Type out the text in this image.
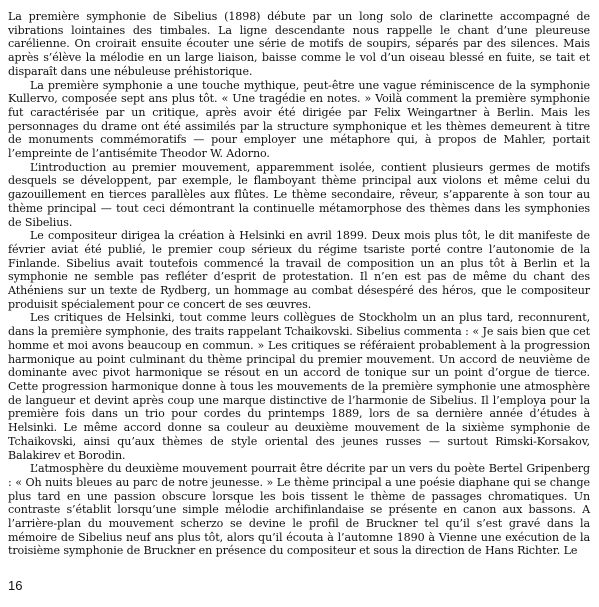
La première symphonie de Sibelius (1898) débute par un long solo de clarinette accompagné de vibrations lointaines des timbales. La ligne descendante nous rappelle le chant d’une pleureuse carélienne. On croirait ensuite écouter une série de motifs de soupirs, séparés par des silences. Mais après s’élève la mélodie en un large liaison, baisse comme le vol d’un oiseau blessé en fuite, se tait et disparaît dans une nébuleuse préhistorique.

La première symphonie a une touche mythique, peut-être une vague réminiscence de la symphonie Kullervo, composée sept ans plus tôt. « Une tragédie en notes. » Voilà comment la première symphonie fut caractérisée par un critique, après avoir été dirigée par Felix Weingartner à Berlin. Mais les personnages du drame ont été assimilés par la structure symphonique et les thèmes demeurent à titre de monuments commémoratifs — pour employer une métaphore qui, à propos de Mahler, portait l’empreinte de l’antisémite Theodor W. Adorno.

L’introduction au premier mouvement, apparemment isolée, contient plusieurs germes de motifs desquels se développent, par exemple, le flamboyant thème principal aux violons et même celui du gazouillement en tierces parallèles aux flûtes. Le thème secondaire, rêveur, s’apparente à son tour au thème principal — tout ceci démontrant la continuelle métamorphose des thèmes dans les symphonies de Sibelius.

Le compositeur dirigea la création à Helsinki en avril 1899. Deux mois plus tôt, le dit manifeste de février aviat été publié, le premier coup sérieux du régime tsariste porté contre l’autonomie de la Finlande. Sibelius avait toutefois commencé la travail de composition un an plus tôt à Berlin et la symphonie ne semble pas refléter d’esprit de protestation. Il n’en est pas de même du chant des Athéniens sur un texte de Rydberg, un hommage au combat désespéré des héros, que le compositeur produisit spécialement pour ce concert de ses œuvres.

Les critiques de Helsinki, tout comme leurs collègues de Stockholm un an plus tard, reconnurent, dans la première symphonie, des traits rappelant Tchaikovski. Sibelius commenta : « Je sais bien que cet homme et moi avons beaucoup en commun. » Les critiques se référaient probablement à la progression harmonique au point culminant du thème principal du premier mouvement. Un accord de neuvième de dominante avec pivot harmonique se résout en un accord de tonique sur un point d’orgue de tierce. Cette progression harmonique donne à tous les mouvements de la première symphonie une atmosphère de langueur et devint après coup une marque distinctive de l’harmonie de Sibelius. Il l’employa pour la première fois dans un trio pour cordes du printemps 1889, lors de sa dernière année d’études à Helsinki. Le même accord donne sa couleur au deuxième mouvement de la sixième symphonie de Tchaikovski, ainsi qu’aux thèmes de style oriental des jeunes russes — surtout Rimski-Korsakov, Balakirev et Borodin.

L’atmosphère du deuxième mouvement pourrait être décrite par un vers du poète Bertel Gripenberg : « Oh nuits bleues au parc de notre jeunesse. » Le thème principal a une poésie diaphane qui se change plus tard en une passion obscure lorsque les bois tissent le thème de passages chromatiques. Un contraste s’établit lorsqu’une simple mélodie archifinlandaise se présente en canon aux bassons. A l’arrière-plan du mouvement scherzo se devine le profil de Bruckner tel qu’il s’est gravé dans la mémoire de Sibelius neuf ans plus tôt, alors qu’il écouta à l’automne 1890 à Vienne une exécution de la troisième symphonie de Bruckner en présence du compositeur et sous la direction de Hans Richter. Le

16
